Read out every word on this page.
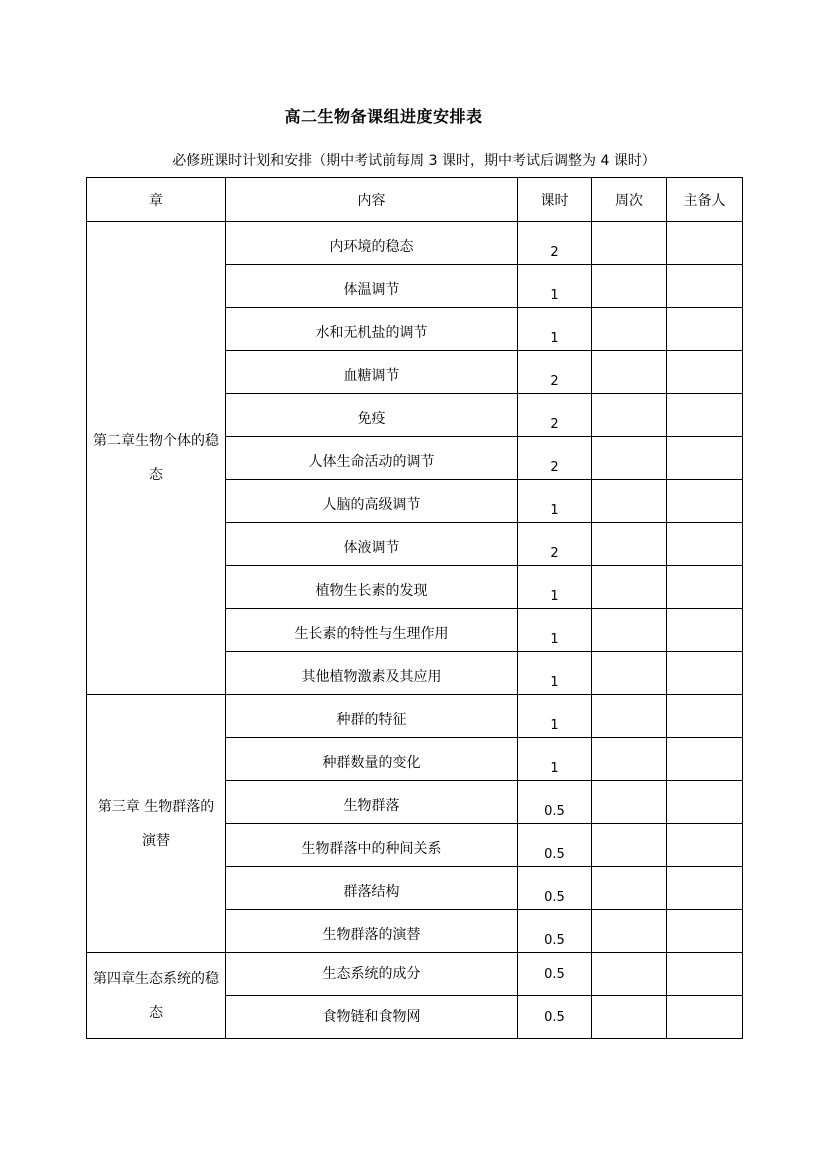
高二生物备课组进度安排表
必修班课时计划和安排（期中考试前每周 3 课时，期中考试后调整为 4 课时）
章	内容	课时	周次	主备人
第二章生物个体的稳态	内环境的稳态	2		
	体温调节	1		
	水和无机盐的调节	1		
	血糖调节	2		
	免疫	2		
	人体生命活动的调节	2		
	人脑的高级调节	1		
	体液调节	2		
	植物生长素的发现	1		
	生长素的特性与生理作用	1		
	其他植物激素及其应用	1		
第三章 生物群落的演替	种群的特征	1		
	种群数量的变化	1		
	生物群落	0.5		
	生物群落中的种间关系	0.5		
	群落结构	0.5		
	生物群落的演替	0.5		
第四章生态系统的稳态	生态系统的成分	0.5		
	食物链和食物网	0.5		
